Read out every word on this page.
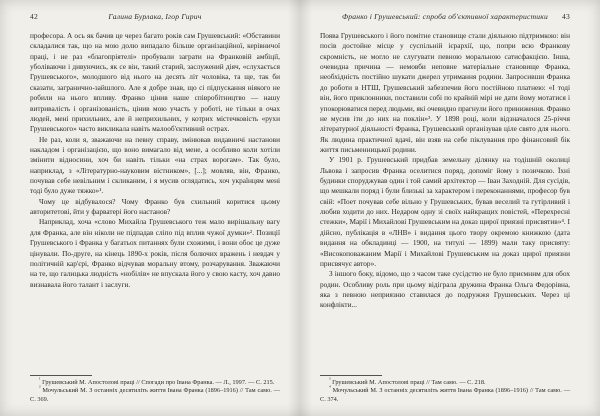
42	Галина Бурлака, Ігор Гирич

професора. А ось як бачив це через багато років сам Грушевський: «Обставини складалися так, що на мою долю випадало більше організаційної, керівничої праці, і не раз «благопріятелі» пробували заграти на Франковій амбіції, уболіваючи і дивуючись, як се він, такий старий, заслужений діяч, «слухається Грушевського», молодшого від нього на десять літ чоловіка, та ще, так би сказати, загранично-зайшлого. Але я добре знав, що сі підпускання ніякого не робили на нього впливу. Франко цінив наше співробітництво — нашу витривалість і організованість, цінив мою участь у роботі, не тільки в очах людей, мені прихильних, але й неприхильних, у котрих містечковість «рухи Грушевського» часто викликала навіть малооб'єктивний острах.

Не раз, коли я, зважаючи на певну справу, змінював видавничі настанови накладом і організацією, що воно вимагало від мене, а особливо коли хотіли змінити відносини, хоч би навіть тільки «на страх ворогам». Так було, наприклад, з «Літературно-науковим вістником», [...]; мовляв, він, Франко, почував себе невільним і скликаним, і я мусив оглядатись, хоч українцям мені тоді було дуже тяжко»¹.

Чому це відбувалося? Чому Франко був схильний коритися цьому авторитетові, йти у фарватері його настанов?

Наприклад, хоча «слово Михайла Грушевського теж мало вирішальну вагу для Франка, але він ніколи не підпадав сліпо під вплив чужої думки»². Позиції Грушевського і Франка у багатьох питаннях були схожими, і вони обоє це дуже цінували. По-друге, на кінець 1890-х років, після болючих вражень і невдач у політичній кар'єрі, Франко відчував моральну втому, розчарування. Зважаючи на те, що галицька людність «нобілів» не впускала його у свою касту, хоч давно визнавала його талант і заслуги.

$^{^1}$ Грушевський М. Апостолові праці // Спогади про Івана Франка. — Л., 1997. — С. 215.

$^{^2}$ Мочульський М. З останніх десятиліть життя Івана Франка (1896–1916) // Там само. — С. 369.

Франко і Грушевський: спроба об'єктивної характеристики	43

Поява Грушевського і його помітне становище стали діяльною підтримкою: він посів достойне місце у суспільній ієрархії, що, попри всю Франкову скромність, не могло не слугувати певною моральною сатисфакцією. Інша, очевидна причина — немовби неповне матеріальне становище Франка, необхідність постійно шукати джерел утримання родини. Запросивши Франка до роботи в НТШ, Грушевський забезпечив його постійною платнею: «І тоді він, його приклонники, поставили собі по крайній мірі не дати йому мотатися і упокорюватися перед людьми, які очевидно прагнули його приниження. Франко не мусив іти до них на поклін»³. У 1898 році, коли відзначалося 25-річчя літературної діяльності Франка, Грушевський організував ціле свято для нього. Як людина практичної вдачі, він взяв на себе піклування про фінансовий бік життя письменницької родини.

У 1901 р. Грушевський придбав земельну ділянку на тодішній околиці Львова і запросив Франка оселитися поряд, допоміг йому з позичкою. Їхні будинки споруджував один і той самий архітектор — Іван Заходній. Для сусідів, що мешкали поряд і були близькі за характером і переконаннями, професор був свій: «Поет почував себе вільно у Грушевських, бував веселий та гутірливий і любив ходити до них. Недаром одну зі своїх найкращих повістей, «Перехресні стежки», Марії і Михайлові Грушевським на доказ щирої приязні присвятив»⁴. І дійсно, публікація в «ЛНВ» і видання цього твору окремою книжкою (дата видання на обкладинці — 1900, на титулі — 1899) мали таку присвяту: «Високоповажаним Марії і Михайлові Грушевським на доказ щирої приязни присвячує автор».

З іншого боку, відомо, що з часом таке сусідство не було приємним для обох родин. Особливу роль при цьому відіграла дружина Франка Ольга Федорівна, яка з певною неприязню ставилася до подружжя Грушевських. Через ці конфлікти...

$^{^3}$ Грушевський М. Апостолові праці // Там само. — С. 218.

$^{^4}$ Мочульський М. З останніх десятиліть життя Івана Франка (1896–1916) // Там само. — С. 374.
